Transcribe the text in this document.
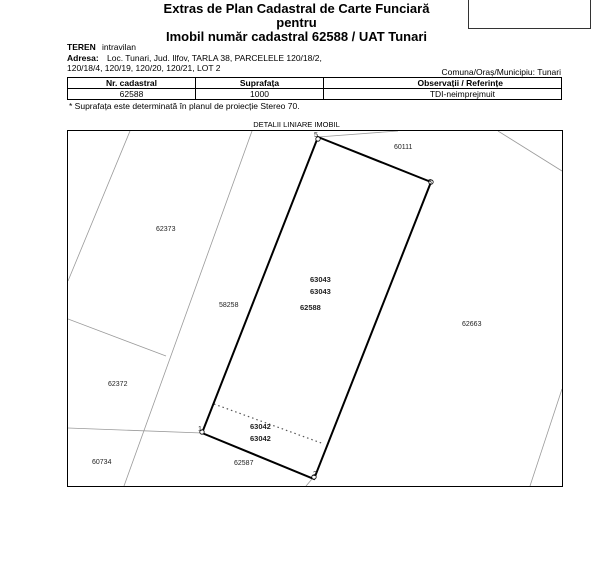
Extras de Plan Cadastral de Carte Funciară
pentru
Imobil număr cadastral 62588 / UAT Tunari
TEREN intravilan
Adresa: Loc. Tunari, Jud. Ilfov, TARLA 38, PARCELELE 120/18/2,
120/18/4, 120/19, 120/20, 120/21, LOT 2	Comuna/Oraș/Municipiu: Tunari
Nr. cadastral	Suprafața	Observații / Referințe
62588	1000	TDI-neimprejmuit
* Suprafața este determinată în planul de proiecție Stereo 70.
DETALII LINIARE IMOBIL
5
3
1
2
62373
60111
58258
63043
63043
62588
62663
62372
63042
63042
60734	62587
